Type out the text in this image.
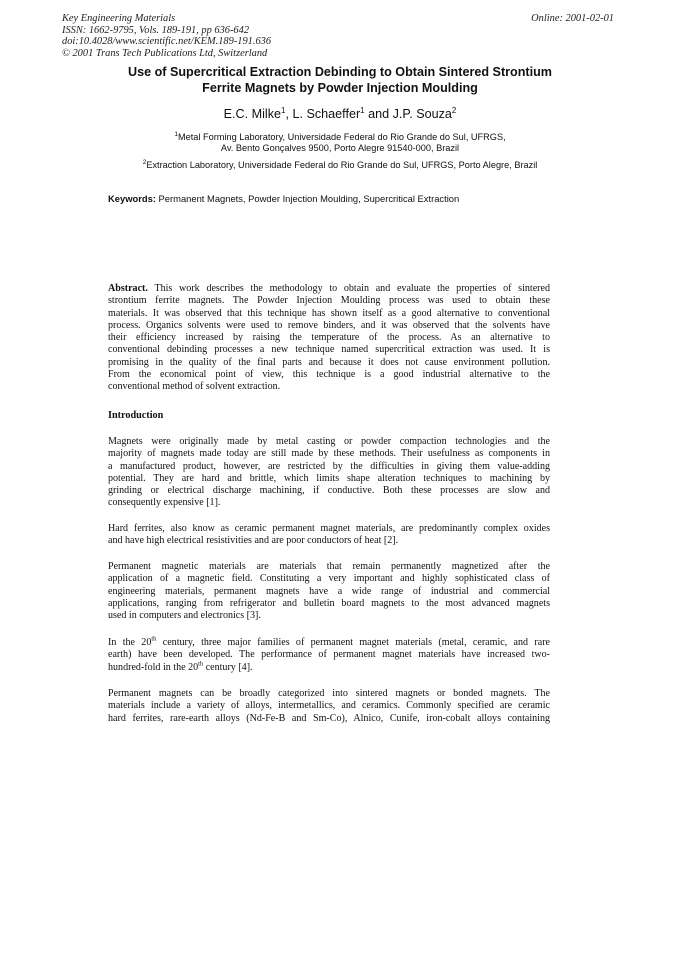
Key Engineering Materials
ISSN: 1662-9795, Vols. 189-191, pp 636-642
doi:10.4028/www.scientific.net/KEM.189-191.636
© 2001 Trans Tech Publications Ltd, Switzerland
Online: 2001-02-01
Use of Supercritical Extraction Debinding to Obtain Sintered Strontium
Ferrite Magnets by Powder Injection Moulding
E.C. Milke$^1$, L. Schaeffer$^1$ and J.P. Souza$^2$
$^1$Metal Forming Laboratory, Universidade Federal do Rio Grande do Sul, UFRGS,
Av. Bento Gonçalves 9500, Porto Alegre 91540-000, Brazil
$^2$Extraction Laboratory, Universidade Federal do Rio Grande do Sul, UFRGS, Porto Alegre, Brazil
Keywords: Permanent Magnets, Powder Injection Moulding, Supercritical Extraction
Abstract. This work describes the methodology to obtain and evaluate the properties of sintered
strontium ferrite magnets. The Powder Injection Moulding process was used to obtain these
materials. It was observed that this technique has shown itself as a good alternative to conventional
process. Organics solvents were used to remove binders, and it was observed that the solvents have
their efficiency increased by raising the temperature of the process. As an alternative to
conventional debinding processes a new technique named supercritical extraction was used. It is
promising in the quality of the final parts and because it does not cause environment pollution.
From the economical point of view, this technique is a good industrial alternative to the
conventional method of solvent extraction.
Introduction
Magnets were originally made by metal casting or powder compaction technologies and the
majority of magnets made today are still made by these methods. Their usefulness as components in
a manufactured product, however, are restricted by the difficulties in giving them value-adding
potential. They are hard and brittle, which limits shape alteration techniques to machining by
grinding or electrical discharge machining, if conductive. Both these processes are slow and
consequently expensive [1].
Hard ferrites, also know as ceramic permanent magnet materials, are predominantly complex oxides
and have high electrical resistivities and are poor conductors of heat [2].
Permanent magnetic materials are materials that remain permanently magnetized after the
application of a magnetic field. Constituting a very important and highly sophisticated class of
engineering materials, permanent magnets have a wide range of industrial and commercial
applications, ranging from refrigerator and bulletin board magnets to the most advanced magnets
used in computers and electronics [3].
In the 20th century, three major families of permanent magnet materials (metal, ceramic, and rare
earth) have been developed. The performance of permanent magnet materials have increased two-
hundred-fold in the 20th century [4].
Permanent magnets can be broadly categorized into sintered magnets or bonded magnets. The
materials include a variety of alloys, intermetallics, and ceramics. Commonly specified are ceramic
hard ferrites, rare-earth alloys (Nd-Fe-B and Sm-Co), Alnico, Cunife, iron-cobalt alloys containing
